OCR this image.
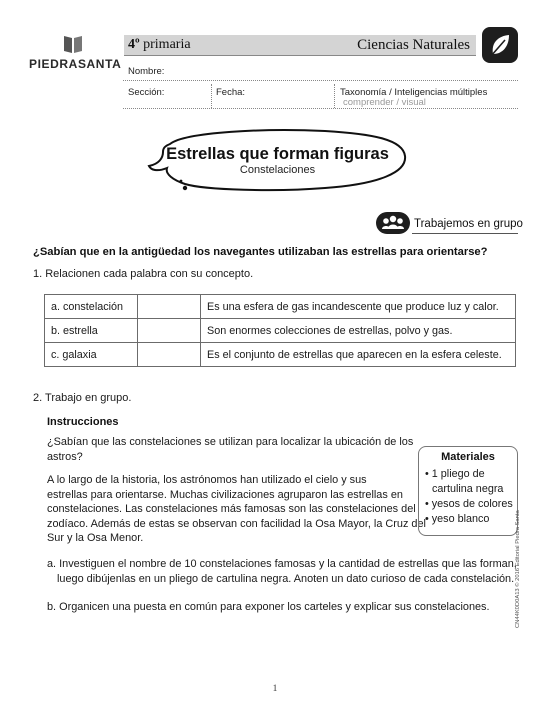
PIEDRASANTA
4º primaria	Ciencias Naturales
Nombre:
Sección:	Fecha:	Taxonomía / Inteligencias múltiples
comprender / visual
Estrellas que forman figuras
Constelaciones
Trabajemos en grupo
¿Sabían que en la antigüedad los navegantes utilizaban las estrellas para orientarse?
1. Relacionen cada palabra con su concepto.
a. constelación		Es una esfera de gas incandescente que produce luz y calor.
b. estrella		Son enormes colecciones de estrellas, polvo y gas.
c. galaxia		Es el conjunto de estrellas que aparecen en la esfera celeste.
2. Trabajo en grupo.
Instrucciones
¿Sabían que las constelaciones se utilizan para localizar la ubicación de los
astros?
A lo largo de la historia, los astrónomos han utilizado el cielo y sus
estrellas para orientarse. Muchas civilizaciones agruparon las estrellas en
constelaciones. Las constelaciones más famosas son las constelaciones del
zodíaco. Además de estas se observan con facilidad la Osa Mayor, la Cruz del
Sur y la Osa Menor.
Materiales
• 1 pliego de
cartulina negra
• yesos de colores
• yeso blanco
a. Investiguen el nombre de 10 constelaciones famosas y la cantidad de estrellas que las forman,
luego dibújenlas en un pliego de cartulina negra. Anoten un dato curioso de cada constelación.
b. Organicen una puesta en común para exponer los carteles y explicar sus constelaciones.	CN44K0D0A13 © 2016 Editorial Piedra Santa
1
